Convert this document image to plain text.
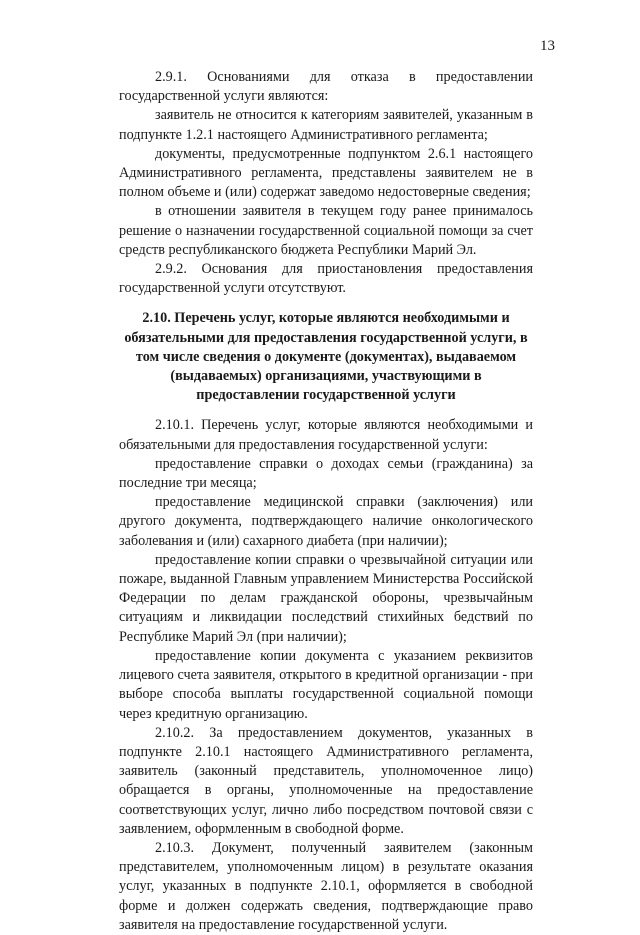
13

2.9.1. Основаниями для отказа в предоставлении государственной услуги являются:

заявитель не относится к категориям заявителей, указанным в подпункте 1.2.1 настоящего Административного регламента;

документы, предусмотренные подпунктом 2.6.1 настоящего Административного регламента, представлены заявителем не в полном объеме и (или) содержат заведомо недостоверные сведения;

в отношении заявителя в текущем году ранее принималось решение о назначении государственной социальной помощи за счет средств республиканского бюджета Республики Марий Эл.

2.9.2. Основания для приостановления предоставления государственной услуги отсутствуют.

2.10. Перечень услуг, которые являются необходимыми и обязательными для предоставления государственной услуги, в том числе сведения о документе (документах), выдаваемом (выдаваемых) организациями, участвующими в предоставлении государственной услуги

2.10.1. Перечень услуг, которые являются необходимыми и обязательными для предоставления государственной услуги:

предоставление справки о доходах семьи (гражданина) за последние три месяца;

предоставление медицинской справки (заключения) или другого документа, подтверждающего наличие онкологического заболевания и (или) сахарного диабета (при наличии);

предоставление копии справки о чрезвычайной ситуации или пожаре, выданной Главным управлением Министерства Российской Федерации по делам гражданской обороны, чрезвычайным ситуациям и ликвидации последствий стихийных бедствий по Республике Марий Эл (при наличии);

предоставление копии документа с указанием реквизитов лицевого счета заявителя, открытого в кредитной организации - при выборе способа выплаты государственной социальной помощи через кредитную организацию.

2.10.2. За предоставлением документов, указанных в подпункте 2.10.1 настоящего Административного регламента, заявитель (законный представитель, уполномоченное лицо) обращается в органы, уполномоченные на предоставление соответствующих услуг, лично либо посредством почтовой связи с заявлением, оформленным в свободной форме.

2.10.3. Документ, полученный заявителем (законным представителем, уполномоченным лицом) в результате оказания услуг, указанных в подпункте 2.10.1, оформляется в свободной форме и должен содержать сведения, подтверждающие право заявителя на предоставление государственной услуги.
